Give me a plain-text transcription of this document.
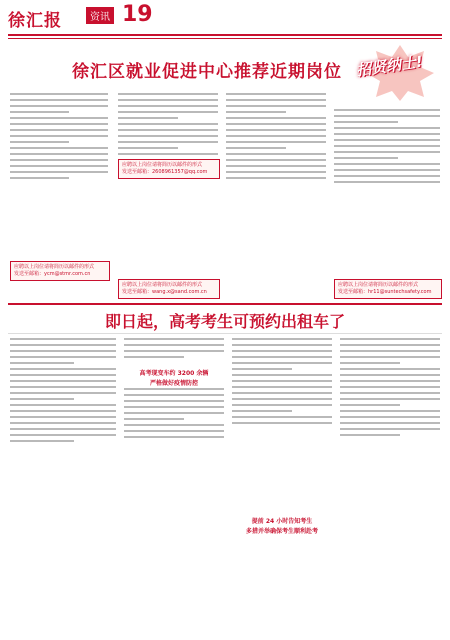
徐汇报	资讯 19
徐汇区就业促进中心推荐近期岗位 招贤纳士!
应聘以上岗位请将简历以邮件的形式
发送至邮箱：ycm@stmr.com.cn
应聘以上岗位请将简历以邮件的形式
发送至邮箱：2608961357@qq.com
应聘以上岗位请将简历以邮件的形式
发送至邮箱：wang.x@sand.com.cn
应聘以上岗位请将简历以邮件的形式
发送至邮箱：hr11@suntechsafety.com
即日起，高考考生可预约出租车了
高考现变车约 3200 余辆
严格做好疫情防控
提前 24 小时告知考生
多措并举确保考生顺利赴考
